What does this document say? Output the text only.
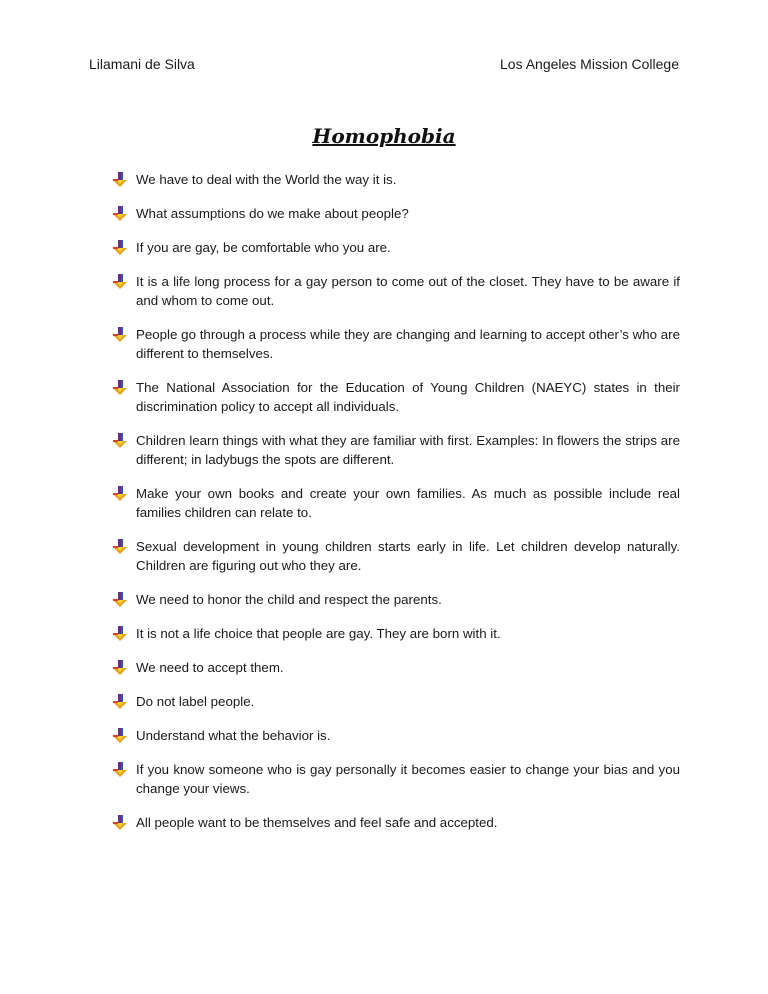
Lilamani de Silva	Los Angeles Mission College
Homophobia
We have to deal with the World the way it is.
What assumptions do we make about people?
If you are gay, be comfortable who you are.
It is a life long process for a gay person to come out of the closet. They have to be aware if and whom to come out.
People go through a process while they are changing and learning to accept other’s who are different to themselves.
The National Association for the Education of Young Children (NAEYC) states in their discrimination policy to accept all individuals.
Children learn things with what they are familiar with first. Examples: In flowers the strips are different; in ladybugs the spots are different.
Make your own books and create your own families. As much as possible include real families children can relate to.
Sexual development in young children starts early in life. Let children develop naturally. Children are figuring out who they are.
We need to honor the child and respect the parents.
It is not a life choice that people are gay. They are born with it.
We need to accept them.
Do not label people.
Understand what the behavior is.
If you know someone who is gay personally it becomes easier to change your bias and you change your views.
All people want to be themselves and feel safe and accepted.
